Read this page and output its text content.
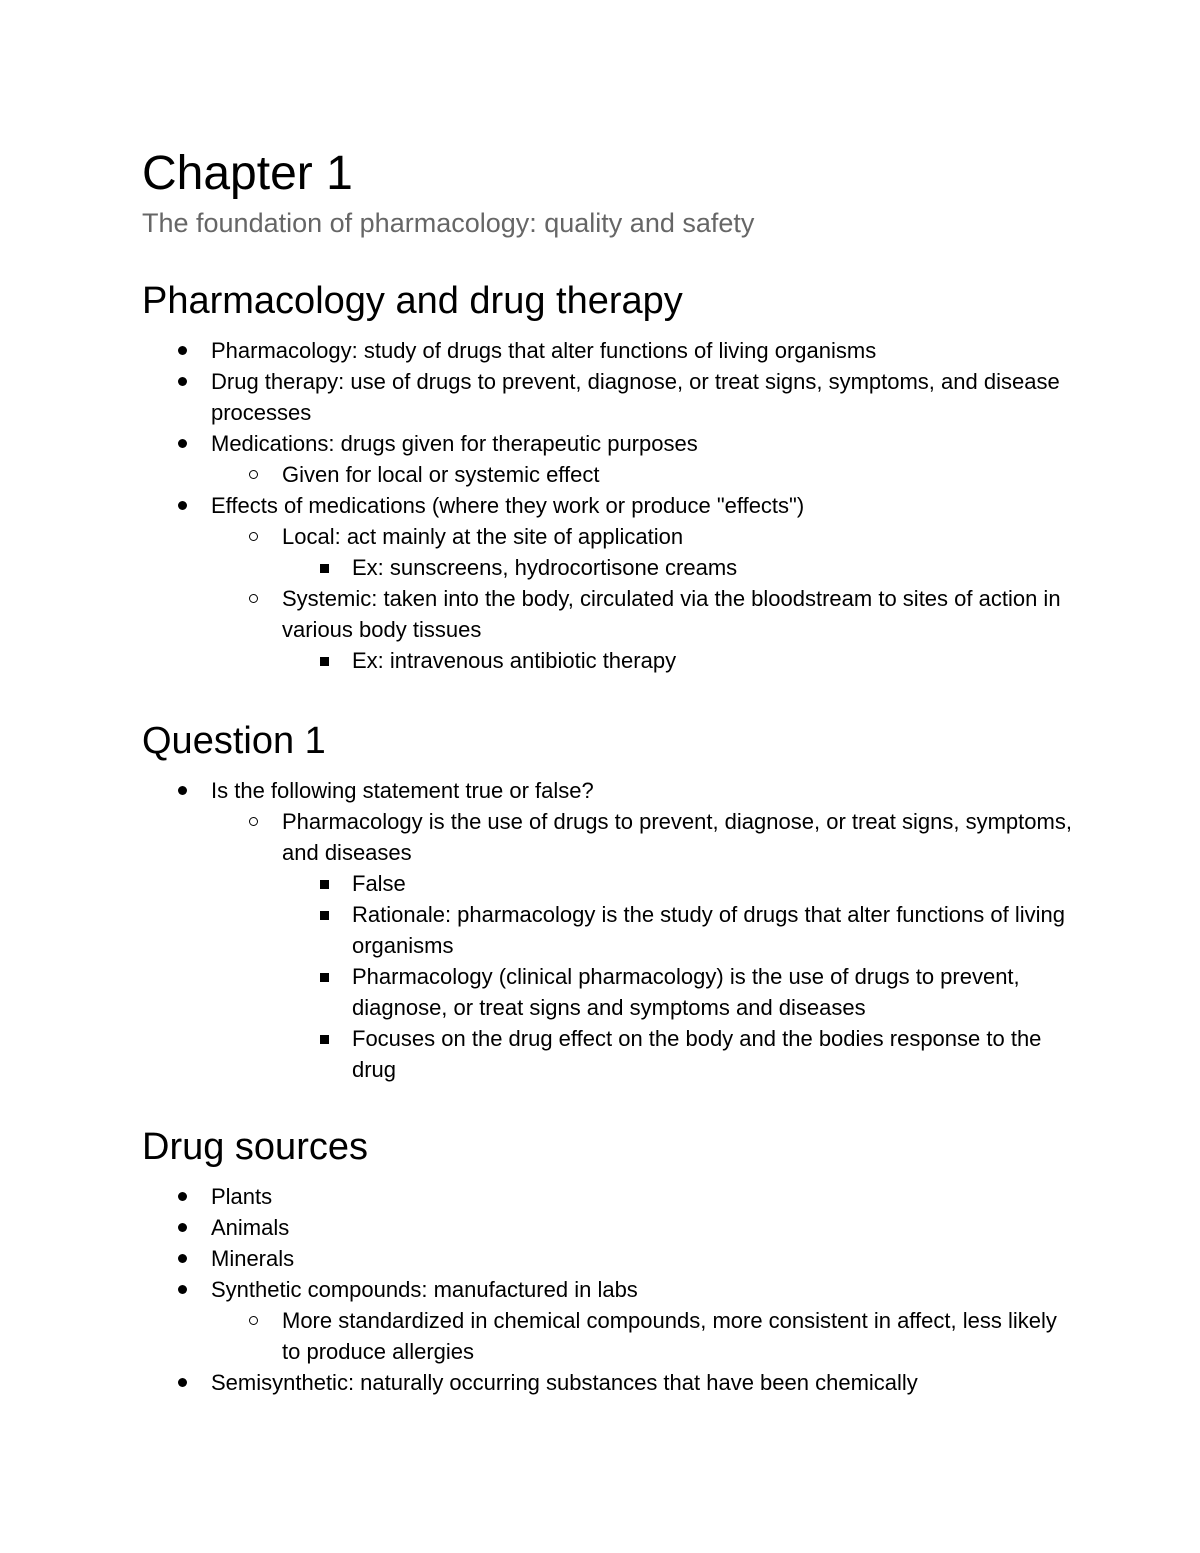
Chapter 1
The foundation of pharmacology: quality and safety
Pharmacology and drug therapy
Pharmacology: study of drugs that alter functions of living organisms
Drug therapy: use of drugs to prevent, diagnose, or treat signs, symptoms, and disease processes
Medications: drugs given for therapeutic purposes
Given for local or systemic effect
Effects of medications (where they work or produce "effects")
Local: act mainly at the site of application
Ex: sunscreens, hydrocortisone creams
Systemic: taken into the body, circulated via the bloodstream to sites of action in various body tissues
Ex: intravenous antibiotic therapy
Question 1
Is the following statement true or false?
Pharmacology is the use of drugs to prevent, diagnose, or treat signs, symptoms, and diseases
False
Rationale: pharmacology is the study of drugs that alter functions of living organisms
Pharmacology (clinical pharmacology) is the use of drugs to prevent, diagnose, or treat signs and symptoms and diseases
Focuses on the drug effect on the body and the bodies response to the drug
Drug sources
Plants
Animals
Minerals
Synthetic compounds: manufactured in labs
More standardized in chemical compounds, more consistent in affect, less likely to produce allergies
Semisynthetic: naturally occurring substances that have been chemically
